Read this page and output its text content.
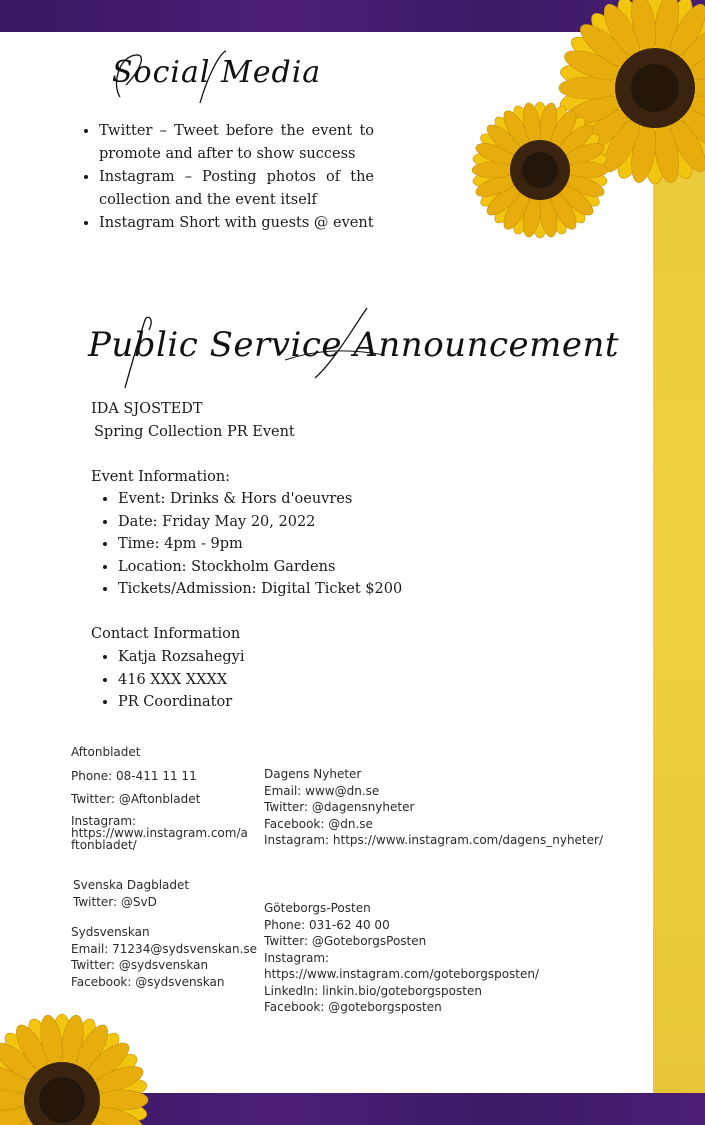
Social Media
• Twitter – Tweet before the event to promote and after to show success
• Instagram – Posting photos of the collection and the event itself
• Instagram Short with guests @ event
Public Service Announcement
IDA SJOSTEDT
Spring Collection PR Event
Event Information:
• Event: Drinks & Hors d'oeuvres
• Date: Friday May 20, 2022
• Time: 4pm - 9pm
• Location: Stockholm Gardens
• Tickets/Admission: Digital Ticket $200
Contact Information
• Katja Rozsahegyi
• 416 XXX XXXX
• PR Coordinator
Aftonbladet
Phone: 08-411 11 11
Twitter: @Aftonbladet
Instagram:
https://www.instagram.com/a
ftonbladet/
Svenska Dagbladet
Twitter: @SvD
Sydsvenskan
Email: 71234@sydsvenskan.se
Twitter: @sydsvenskan
Facebook: @sydsvenskan
Dagens Nyheter
Email: www@dn.se
Twitter: @dagensnyheter
Facebook: @dn.se
Instagram: https://www.instagram.com/dagens_nyheter/
Göteborgs-Posten
Phone: 031-62 40 00
Twitter: @GoteborgsPosten
Instagram:
https://www.instagram.com/goteborgsposten/
LinkedIn: linkin.bio/goteborgsposten
Facebook: @goteborgsposten
